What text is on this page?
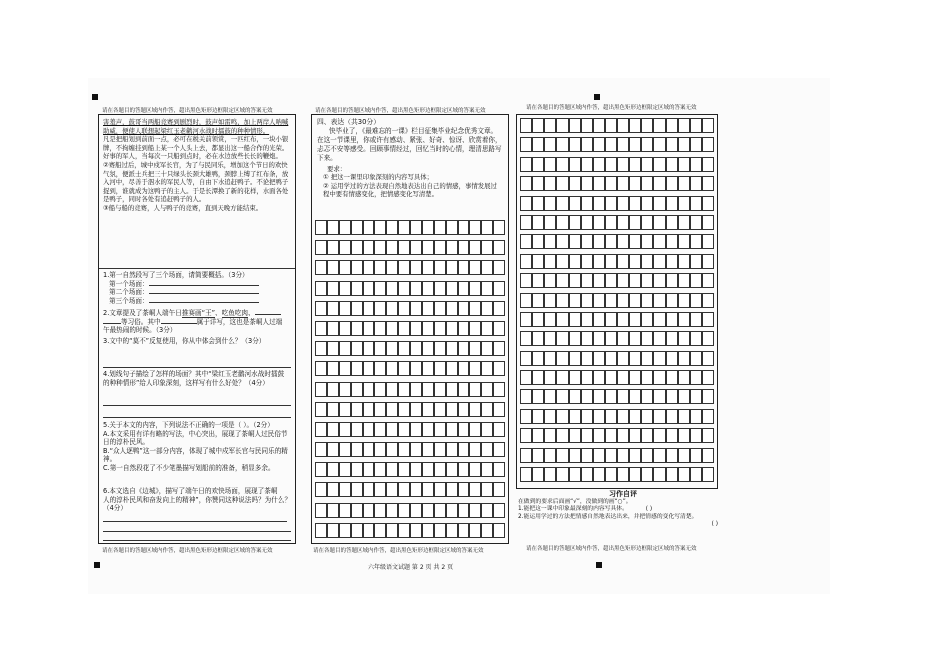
请在各题目的答题区域内作答，超出黑色矩形边框限定区域的答案无效	请在各题目的答题区域内作答，超出黑色矩形边框限定区域的答案无效	请在各题目的答题区域内作答，超出黑色矩形边框限定区域的答案无效

害羞声，鼓哥当两船竞赛到剧烈时，鼓声如雷鸣，加上两岸人呐喊助威，便使人联想起梁红玉老鹳河水战时擂鼓的种种情形。

凡是把船划到前面一点，必可在税关前领赏，一匹红布，一块小银牌，不拘缠挂到船上某一个人头上去，都显出这一船合作的光荣。好事的军人，当每次一只船到点时，必在水边放些长长的鞭炮。

②赛船过后，城中戍军长官，为了与民同乐，增加这个节日的欢快气氛，便派士兵把三十只绿头长颈大雄鸭，颈脖上缚了红布条，放入河中，尽善于泅水的军民人等，自由下水追赶鸭子。不论把鸭子捉到，谁就成为这鸭子的主人。于是长潭换了新的花样，水面各处是鸭子，同时各处有追赶鸭子的人。

③船与船的竞赛，人与鸭子的竞赛，直到天晚方能结束。

1.第一自然段写了三个场面，请简要概括。（3分）

第一个场面：

第二个场面：

第三个场面：

2.文章提及了茶峒人端午日推赛画“王”、吃鱼吃肉、

等习俗。其中	属于详写，这也是茶峒人过端

午最热闹的时候。（3分）

3.文中的“莫不”反复使用，你从中体会到什么？（3分）

4.划线句子描绘了怎样的场面？其中“梁红玉老鹳河水战时擂鼓

的种种情形”给人印象深刻，这样写有什么好处？（4分）

5.关于本文的内容，下列说法不正确的一项是（ ）。（2分）

A.本文采用有详有略的写法，中心突出，展现了茶峒人过民俗节日的淳朴民风。

B.“众人逐鸭”这一部分内容，体现了城中戍军长官与民同乐的精神。

C.第一自然段花了不少笔墨描写划船前的准备，稍显多余。

6.本文选自《边城》，描写了端午日的欢快场面，展现了茶峒

人的淳朴民风和奋发向上的精神”，你赞同这种说法吗？为什么？

（4分）

四、表达（共30分）

快毕业了，《最难忘的一课》栏目征集毕业纪念优秀文章。在这一节课里，你或许有感动、紧张、好奇、惊讶、欣赏着你，忐忑不安等感受。回顾事情经过，回忆当时的心情，理清思路写下来。

要求：

① 把这一课里印象深刻的内容写具体；

② 运用学过的方法表现自然地表达出自己的情感，事情发展过程中要有情感变化，把情感变化写清楚。

习作自评

在做到的要求后面画“√”，没做到的画“○”。

1.能把这一课中印象最深刻的内容写具体。	( )

2.能运用学过的方法把情感自然地表达出来，并把情感的变化写清楚。

( )

请在各题目的答题区域内作答，超出黑色矩形边框限定区域的答案无效	请在各题目的答题区域内作答，超出黑色矩形边框限定区域的答案无效	请在各题目的答题区域内作答，超出黑色矩形边框限定区域的答案无效
六年级语文试题 第 2 页 共 2 页
